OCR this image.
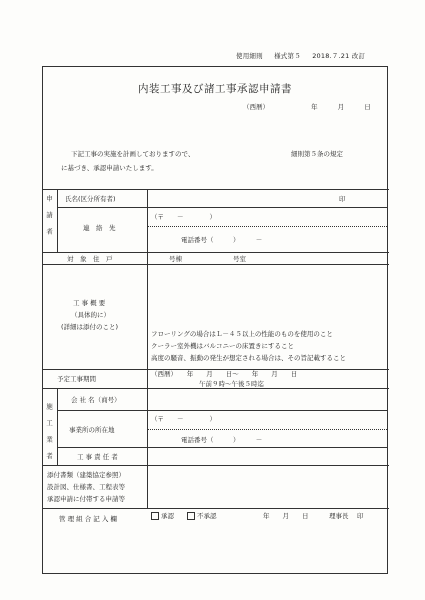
使用細則 様式第５ 2018.７.21 改訂
内装工事及び諸工事承認申請書
（西暦）	年	月	日
下記工事の実施を計画しておりますので、	細則第５条の規定
に基づき、承認申請いたします。
申請者 氏名(区分所有者)	印
連　絡　先
（〒　　－　　　　）
電話番号（　　　）　　　－
対　象　住　戸	号棟	号室
工 事 概 要
（具体的に）
(詳細は添付のこと)
フローリングの場合はＬ－４５以上の性能のものを使用のこと
クーラー室外機はバルコニーの床置きにすること
高度の騒音、振動の発生が想定される場合は、その旨記載すること
予定工事期間
（西暦）　　年　　月　　日～　　年　　月　　日
午前９時～午後５時迄
施工業者
会 社 名（商号）
事業所の所在地
（〒　　－　　　　）
電話番号（　　　）　　　－
工 事 責 任 者
添付書類（建築協定参照）
設計図、仕様書、工程表等
承認申請に付帯する申請等
管 理 組 合 記 入 欄	承認	不承認	年　　月　　日	理事長 印
